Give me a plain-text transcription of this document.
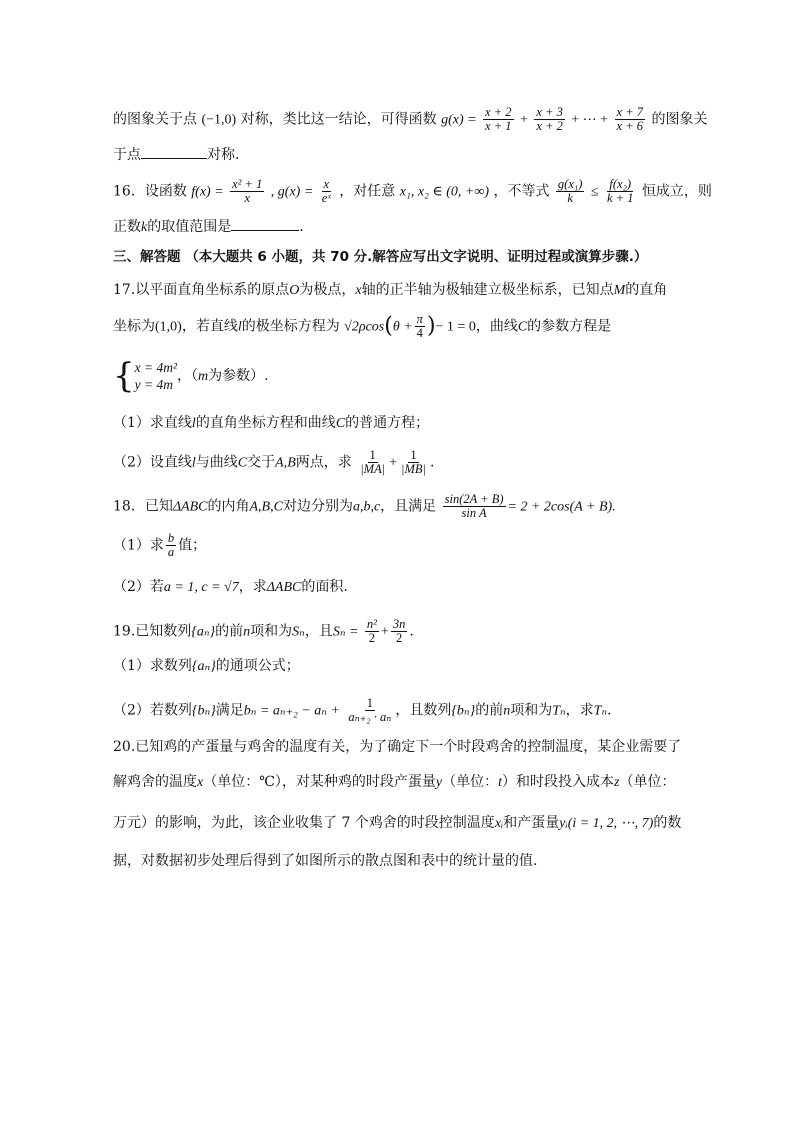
的图象关于点 (−1,0) 对称，类比这一结论，可得函数 $g(x) = \frac{x + 2}{x + 1} + \frac{x + 3}{x + 2}$ + ⋯ + $\frac{x + 7}{x + 6}$ 的图象关
于点	对称.
16．设函数 $f(x) = \frac{\text{x² + 1}}{x}$ , $g(x) = \frac{x}{\text{eˣ}}$ ，对任意 x₁, x₂ ∈ (0, +∞) ，不等式 $\frac{\text{g(x₁)}}{k} \le \frac{\text{f(x₂)}}{k + 1}$ 恒成立，则
正数k的取值范围是	.
三、解答题 （本大题共 6 小题，共 70 分.解答应写出文字说明、证明过程或演算步骤.）
17.以平面直角坐标系的原点O为极点，x轴的正半轴为极轴建立极坐标系，已知点M的直角
坐标为(1,0)，若直线l的极坐标方程为 $√2\rho\cos(\theta + \frac{\pi}{4}$ )− 1 = 0，曲线C的参数方程是
{ x = 4m²
y = 4m
，（m为参数）.
（1）求直线l的直角坐标方程和曲线C的普通方程；
（2）设直线l与曲线C交于A,B两点，求 $\frac{1}{|MA|} + \frac{1}{|MB|}$ .
18．已知ΔABC的内角A,B,C对边分别为a,b,c，且满足 $\frac{\sin(2A + B)}{\text{sin A}} = 2 + 2\cos(A + B)$.
（1）求 $\frac{b}{a}$ 值；
（2）若a = 1, c = √7，求ΔABC的面积.
19.已知数列{aₙ}的前n项和为Sₙ，且$S_n = \frac{\text{n²}}{2} + \frac{3n}{2}$ .
（1）求数列{aₙ}的通项公式；
（2）若数列{bₙ}满足$b_n = a_{n+2} - a_n + \frac{1}{\text{aₙ₊₂ · aₙ}}$ ，且数列{bₙ}的前n项和为Tₙ，求Tₙ.
20.已知鸡的产蛋量与鸡舍的温度有关，为了确定下一个时段鸡舍的控制温度，某企业需要了
解鸡舍的温度x（单位：℃），对某种鸡的时段产蛋量y（单位：t）和时段投入成本z（单位：
万元）的影响，为此，该企业收集了 7 个鸡舍的时段控制温度xᵢ和产蛋量yᵢ(i = 1, 2, ⋯, 7)的数
据，对数据初步处理后得到了如图所示的散点图和表中的统计量的值.
